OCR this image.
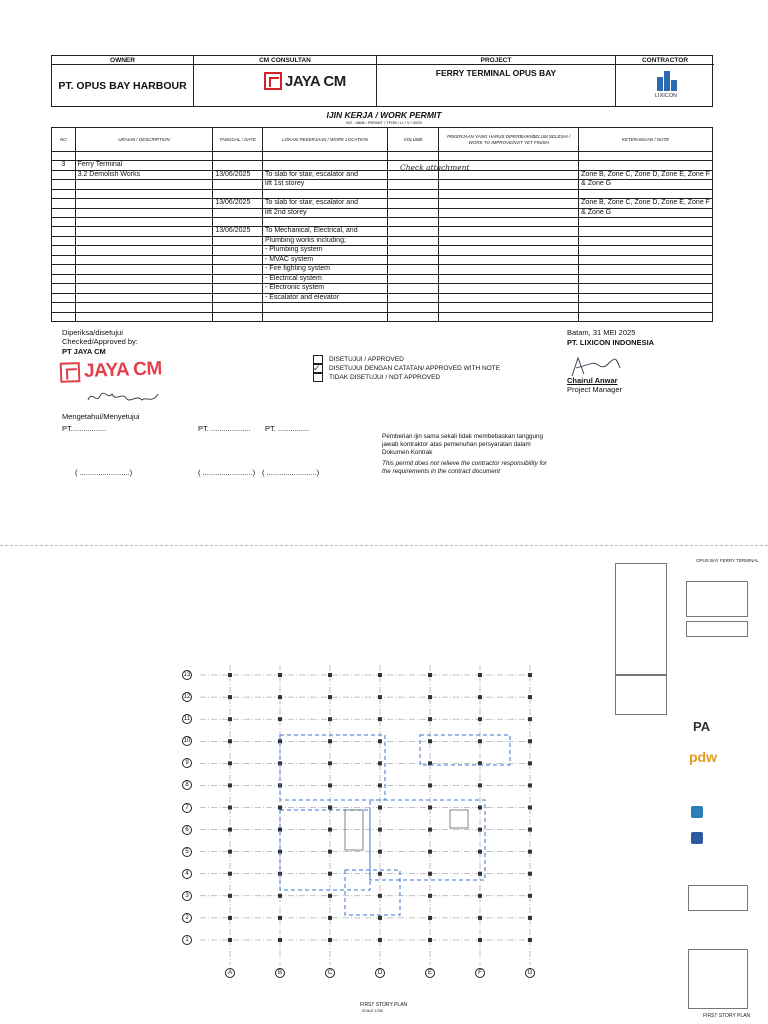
OWNER
PT. OPUS BAY HARBOUR
CM CONSULTAN
JAYA CM
PROJECT
FERRY TERMINAL OPUS BAY
CONTRACTOR
LIXICON
IJIN KERJA / WORK PERMIT
NO : 0808 / PERMIT / TFOB / LI / V / 2025
NO	URAIAN / DESCRIPTION	TANGGAL / DATE	LOKASI PEKERJAAN / WORK LOCATION	VOLUME	PEKERJAAN YANG HARUS DIPERBAIKI/BELUM SELESAI / WORK TO IMPROVE/NOT YET FINISH	KETERANGAN / NOTE

3	Ferry Terminal					
	3.2 Demolish Works	13/06/2025	To slab for stair, escalator and			Zone B, Zone C, Zone D, Zone E, Zone F
			lift 1st storey			& Zone G

		13/06/2025	To slab for stair, escalator and			Zone B, Zone C, Zone D, Zone E, Zone F
			lift 2nd storey			& Zone G

		13/06/2025	To Mechanical, Electrical, and			
			Plumbing works including;			
			- Plumbing system			
			- MVAC system			
			- Fire fighting system			
			- Electrical system			
			- Electronic system			
			- Escalator and elevator			

Diperiksa/disetujui
Checked/Approved by:
PT JAYA CM
JAYA CM
Mengetahui/Menyetujui
PT.................	PT. ................... PT. ...............
( ........................)	( ........................) ( ........................)
✓
DISETUJUI / APPROVED
DISETUJUI DENGAN CATATAN/ APPROVED WITH NOTE
TIDAK DISETUJUI / NOT APPROVED
Batam, 31 MEI 2025
PT. LIXICON INDONESIA
Chairul Anwar
Project Manager
Pemberian ijin sama sekali tidak membebaskan tanggung
jawab kontraktor atas pemenuhan persyaratan dalam
Dokumen Kontrak
This permit does not relieve the contractor responsibility for
the requirements in the contract document
FIRST STORY PLAN
SCALE 1:250
OPUS BAY FERRY TERMINAL
PA
pdw
FIRST STORY PLAN
13
12
11
10
9
8
7
6
5
4
3
2
1
A	B	C	D	E	F	G
Check attachment
